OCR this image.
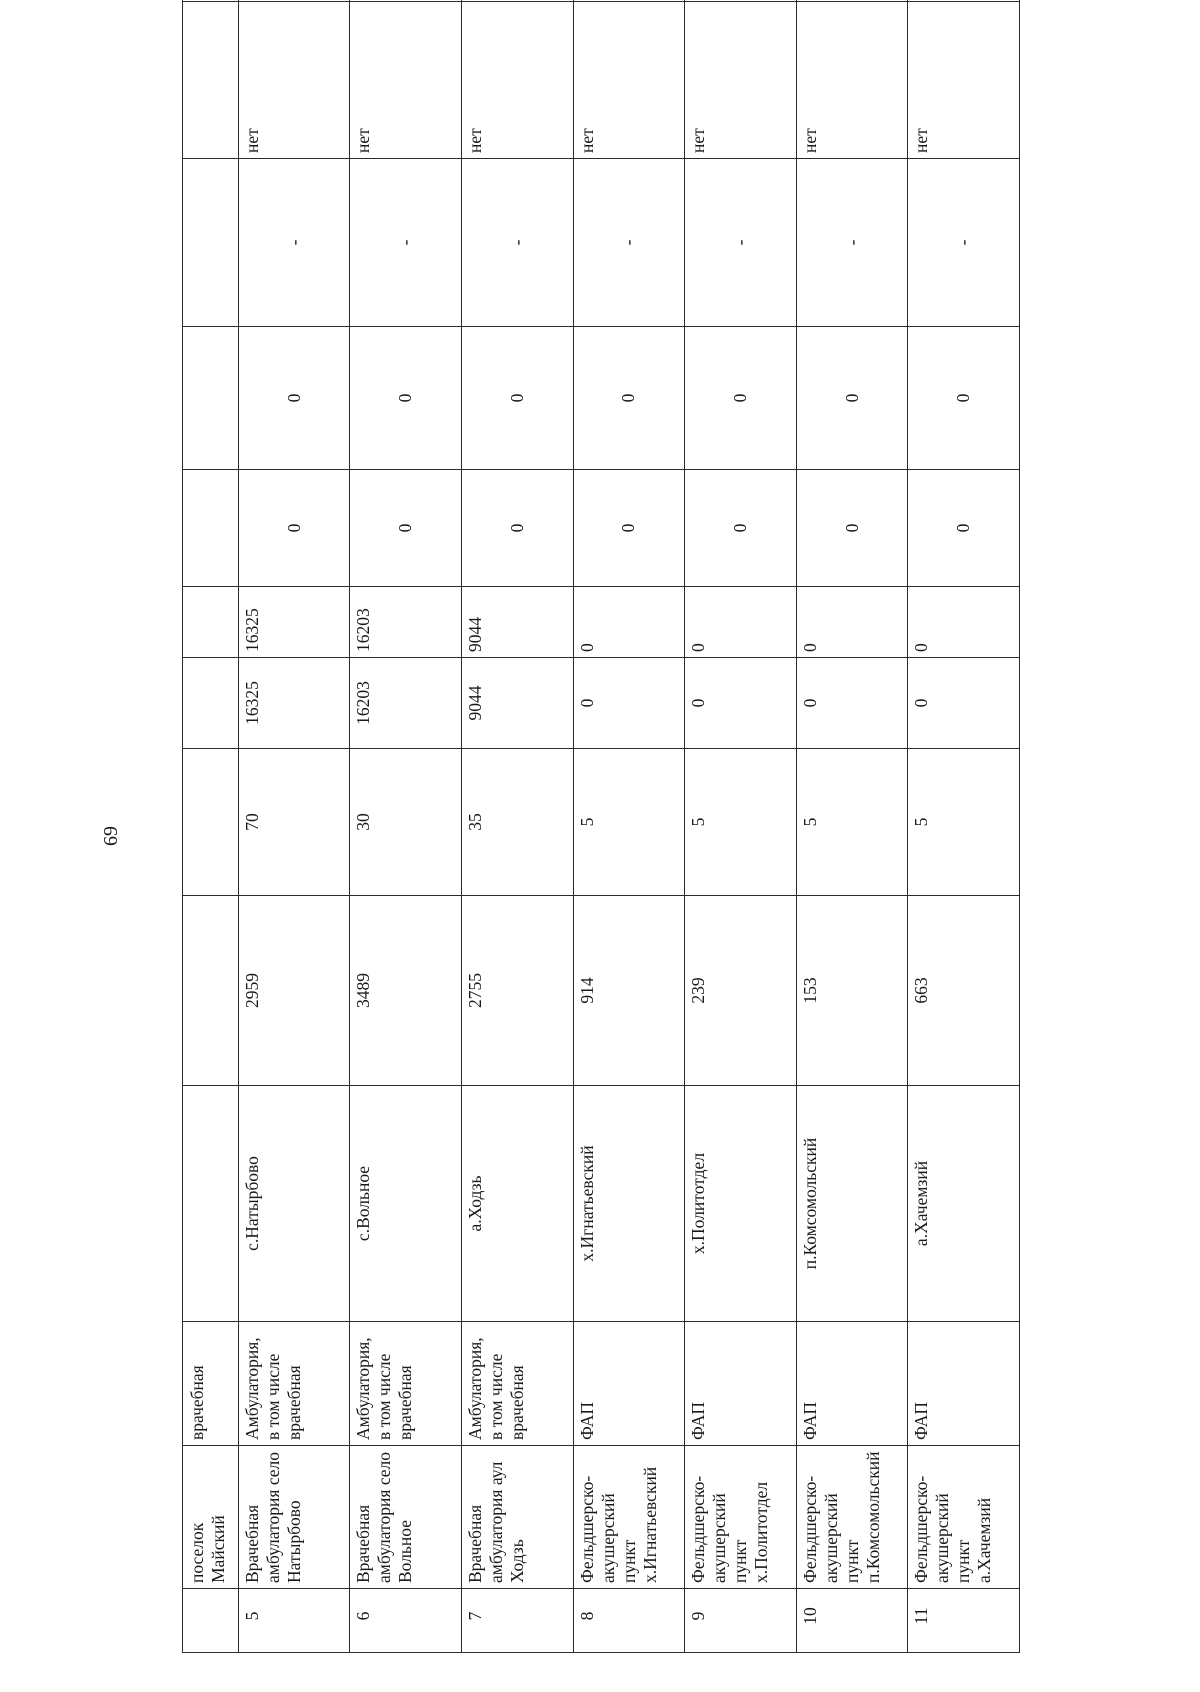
69
	поселок Майский	врачебная										
5	Врачебная амбулатория село Натырбово	Амбулатория, в том числе врачебная	с.Натырбово	2959	70	16325	16325	0	0	-	нет	
6	Врачебная амбулатория село Вольное	Амбулатория, в том числе врачебная	с.Вольное	3489	30	16203	16203	0	0	-	нет	
7	Врачебная амбулатория аул Ходзь	Амбулатория, в том числе врачебная	а.Ходзь	2755	35	9044	9044	0	0	-	нет	
8	Фельдшерско-акушерский пункт х.Игнатьевский	ФАП	х.Игнатьевский	914	5	0	0	0	0	-	нет	
9	Фельдшерско-акушерский пункт х.Политотдел	ФАП	х.Политотдел	239	5	0	0	0	0	-	нет	
10	Фельдшерско-акушерский пункт п.Комсомольский	ФАП	п.Комсомольский	153	5	0	0	0	0	-	нет	
11	Фельдшерско-акушерский пункт а.Хачемзий	ФАП	а.Хачемзий	663	5	0	0	0	0	-	нет	
